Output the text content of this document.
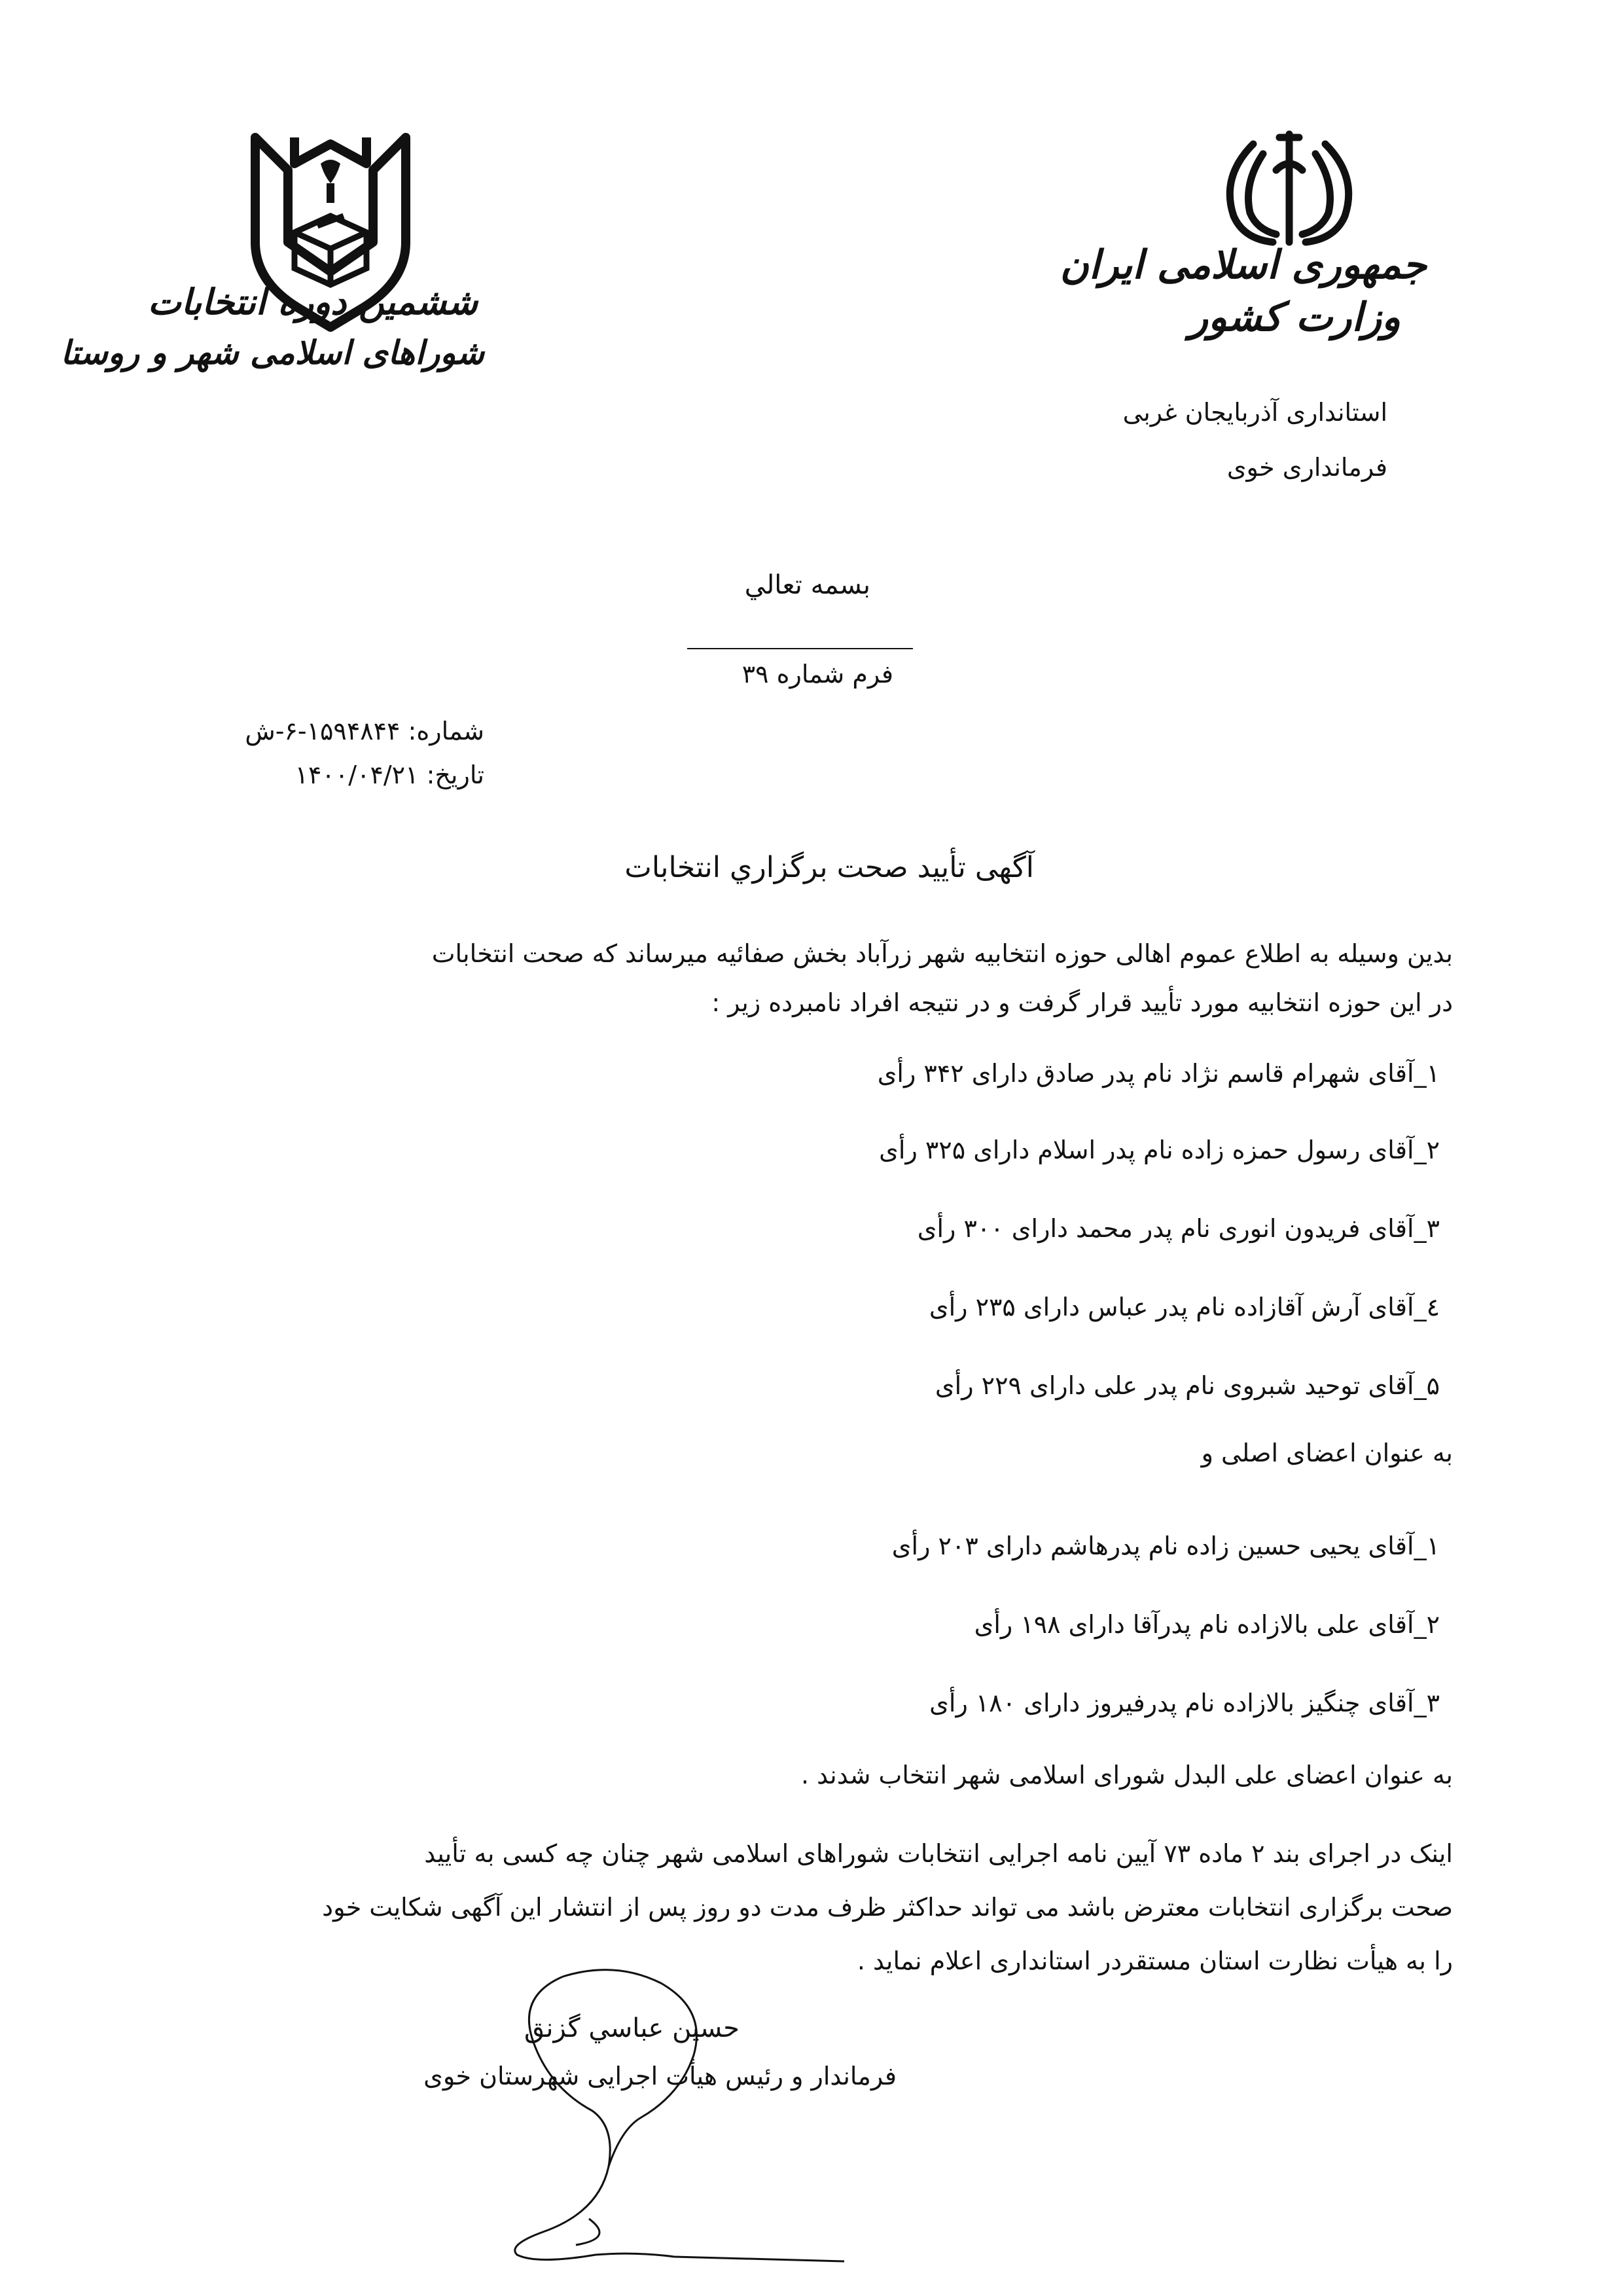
ششمین دوره انتخابات
شوراهای اسلامی شهر و روستا
جمهوری اسلامی ایران
وزارت کشور
استانداری آذربایجان غربی
فرمانداری خوی
بسمه تعالي
فرم شماره ۳۹
شماره: ۱۵۹۴۸۴۴-۶-ش
تاریخ: ۱۴۰۰/۰۴/۲۱
آگهی تأیید صحت برگزاري انتخابات
بدین وسیله به اطلاع عموم اهالی حوزه انتخابیه شهر زرآباد بخش صفائیه میرساند که صحت انتخابات
در این حوزه انتخابیه مورد تأیید قرار گرفت و در نتیجه افراد نامبرده زیر :
۱_آقای شهرام قاسم نژاد نام پدر صادق دارای ۳۴۲ رأی
۲_آقای رسول حمزه زاده نام پدر اسلام دارای ۳۲۵ رأی
۳_آقای فریدون انوری نام پدر محمد دارای ۳۰۰ رأی
٤_آقای آرش آقازاده نام پدر عباس دارای ۲۳۵ رأی
۵_آقای توحید شبروی نام پدر علی دارای ۲۲۹ رأی
به عنوان اعضای اصلی و
۱_آقای یحیی حسین زاده نام پدرهاشم دارای ۲۰۳ رأی
۲_آقای علی بالازاده نام پدرآقا دارای ۱۹۸ رأی
۳_آقای چنگیز بالازاده نام پدرفیروز دارای ۱۸۰ رأی
به عنوان اعضای علی البدل شورای اسلامی شهر انتخاب شدند .
اینک در اجرای بند ۲ ماده ۷۳ آیین نامه اجرایی انتخابات شوراهای اسلامی شهر چنان چه کسی به تأیید
صحت برگزاری انتخابات معترض باشد می تواند حداکثر ظرف مدت دو روز پس از انتشار این آگهی شکایت خود
را به هیأت نظارت استان مستقردر استانداری اعلام نماید .
حسين عباسي گزنق
فرماندار و رئیس هیأت اجرایی شهرستان خوی
